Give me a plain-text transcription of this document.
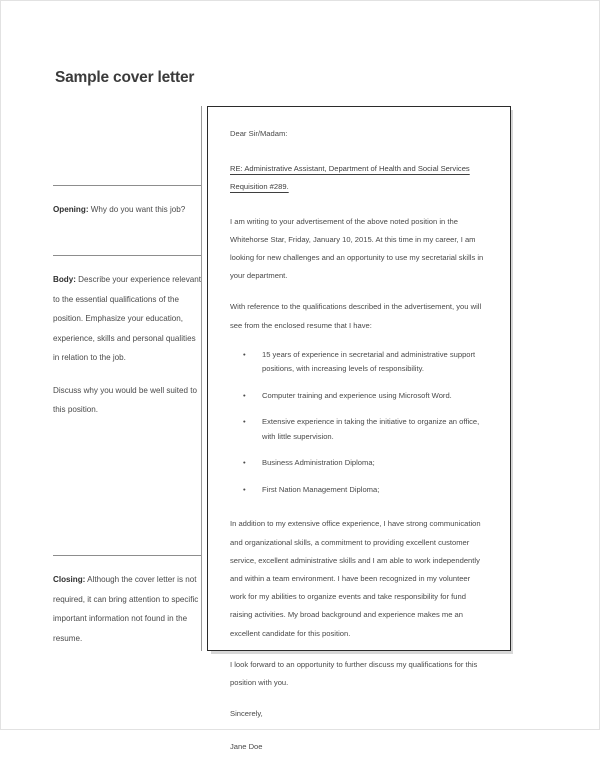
Sample cover letter
Opening: Why do you want this job?
Body: Describe your experience relevant to the essential qualifications of the position. Emphasize your education, experience, skills and personal qualities in relation to the job.
Discuss why you would be well suited to this position.
Closing: Although the cover letter is not required, it can bring attention to specific important information not found in the resume.

Dear Sir/Madam:

RE: Administrative Assistant, Department of Health and Social Services Requisition #289.

I am writing to your advertisement of the above noted position in the Whitehorse Star, Friday, January 10, 2015. At this time in my career, I am looking for new challenges and an opportunity to use my secretarial skills in your department.

With reference to the qualifications described in the advertisement, you will see from the enclosed resume that I have:

• 15 years of experience in secretarial and administrative support positions, with increasing levels of responsibility.
• Computer training and experience using Microsoft Word.
• Extensive experience in taking the initiative to organize an office, with little supervision.
• Business Administration Diploma;
• First Nation Management Diploma;

In addition to my extensive office experience, I have strong communication and organizational skills, a commitment to providing excellent customer service, excellent administrative skills and I am able to work independently and within a team environment. I have been recognized in my volunteer work for my abilities to organize events and take responsibility for fund raising activities. My broad background and experience makes me an excellent candidate for this position.

I look forward to an opportunity to further discuss my qualifications for this position with you.

Sincerely,

Jane Doe
